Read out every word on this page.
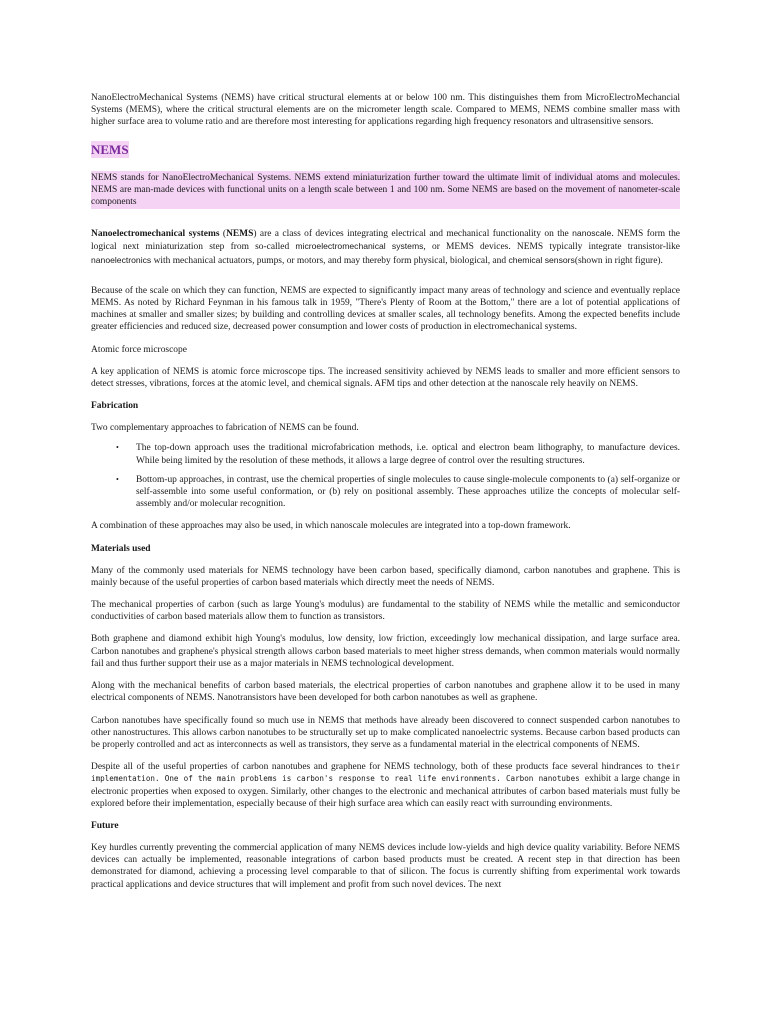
NanoElectroMechanical Systems (NEMS) have critical structural elements at or below 100 nm. This distinguishes them from MicroElectroMechancial Systems (MEMS), where the critical structural elements are on the micrometer length scale. Compared to MEMS, NEMS combine smaller mass with higher surface area to volume ratio and are therefore most interesting for applications regarding high frequency resonators and ultrasensitive sensors.

NEMS

NEMS stands for NanoElectroMechanical Systems. NEMS extend miniaturization further toward the ultimate limit of individual atoms and molecules. NEMS are man-made devices with functional units on a length scale between 1 and 100 nm. Some NEMS are based on the movement of nanometer-scale components

Nanoelectromechanical systems (NEMS) are a class of devices integrating electrical and mechanical functionality on the nanoscale. NEMS form the logical next miniaturization step from so-called microelectromechanical systems, or MEMS devices. NEMS typically integrate transistor-like nanoelectronics with mechanical actuators, pumps, or motors, and may thereby form physical, biological, and chemical sensors(shown in right figure).

Because of the scale on which they can function, NEMS are expected to significantly impact many areas of technology and science and eventually replace MEMS. As noted by Richard Feynman in his famous talk in 1959, "There's Plenty of Room at the Bottom," there are a lot of potential applications of machines at smaller and smaller sizes; by building and controlling devices at smaller scales, all technology benefits. Among the expected benefits include greater efficiencies and reduced size, decreased power consumption and lower costs of production in electromechanical systems.

Atomic force microscope

A key application of NEMS is atomic force microscope tips. The increased sensitivity achieved by NEMS leads to smaller and more efficient sensors to detect stresses, vibrations, forces at the atomic level, and chemical signals. AFM tips and other detection at the nanoscale rely heavily on NEMS.

Fabrication

Two complementary approaches to fabrication of NEMS can be found.

• The top-down approach uses the traditional microfabrication methods, i.e. optical and electron beam lithography, to manufacture devices. While being limited by the resolution of these methods, it allows a large degree of control over the resulting structures.
• Bottom-up approaches, in contrast, use the chemical properties of single molecules to cause single-molecule components to (a) self-organize or self-assemble into some useful conformation, or (b) rely on positional assembly. These approaches utilize the concepts of molecular self-assembly and/or molecular recognition.

A combination of these approaches may also be used, in which nanoscale molecules are integrated into a top-down framework.

Materials used

Many of the commonly used materials for NEMS technology have been carbon based, specifically diamond, carbon nanotubes and graphene. This is mainly because of the useful properties of carbon based materials which directly meet the needs of NEMS.

The mechanical properties of carbon (such as large Young's modulus) are fundamental to the stability of NEMS while the metallic and semiconductor conductivities of carbon based materials allow them to function as transistors.

Both graphene and diamond exhibit high Young's modulus, low density, low friction, exceedingly low mechanical dissipation, and large surface area. Carbon nanotubes and graphene's physical strength allows carbon based materials to meet higher stress demands, when common materials would normally fail and thus further support their use as a major materials in NEMS technological development.

Along with the mechanical benefits of carbon based materials, the electrical properties of carbon nanotubes and graphene allow it to be used in many electrical components of NEMS. Nanotransistors have been developed for both carbon nanotubes as well as graphene.

Carbon nanotubes have specifically found so much use in NEMS that methods have already been discovered to connect suspended carbon nanotubes to other nanostructures. This allows carbon nanotubes to be structurally set up to make complicated nanoelectric systems. Because carbon based products can be properly controlled and act as interconnects as well as transistors, they serve as a fundamental material in the electrical components of NEMS.

Despite all of the useful properties of carbon nanotubes and graphene for NEMS technology, both of these products face several hindrances to their implementation. One of the main problems is carbon's response to real life environments. Carbon nanotubes exhibit a large change in electronic properties when exposed to oxygen. Similarly, other changes to the electronic and mechanical attributes of carbon based materials must fully be explored before their implementation, especially because of their high surface area which can easily react with surrounding environments.

Future

Key hurdles currently preventing the commercial application of many NEMS devices include low-yields and high device quality variability. Before NEMS devices can actually be implemented, reasonable integrations of carbon based products must be created. A recent step in that direction has been demonstrated for diamond, achieving a processing level comparable to that of silicon. The focus is currently shifting from experimental work towards practical applications and device structures that will implement and profit from such novel devices. The next
